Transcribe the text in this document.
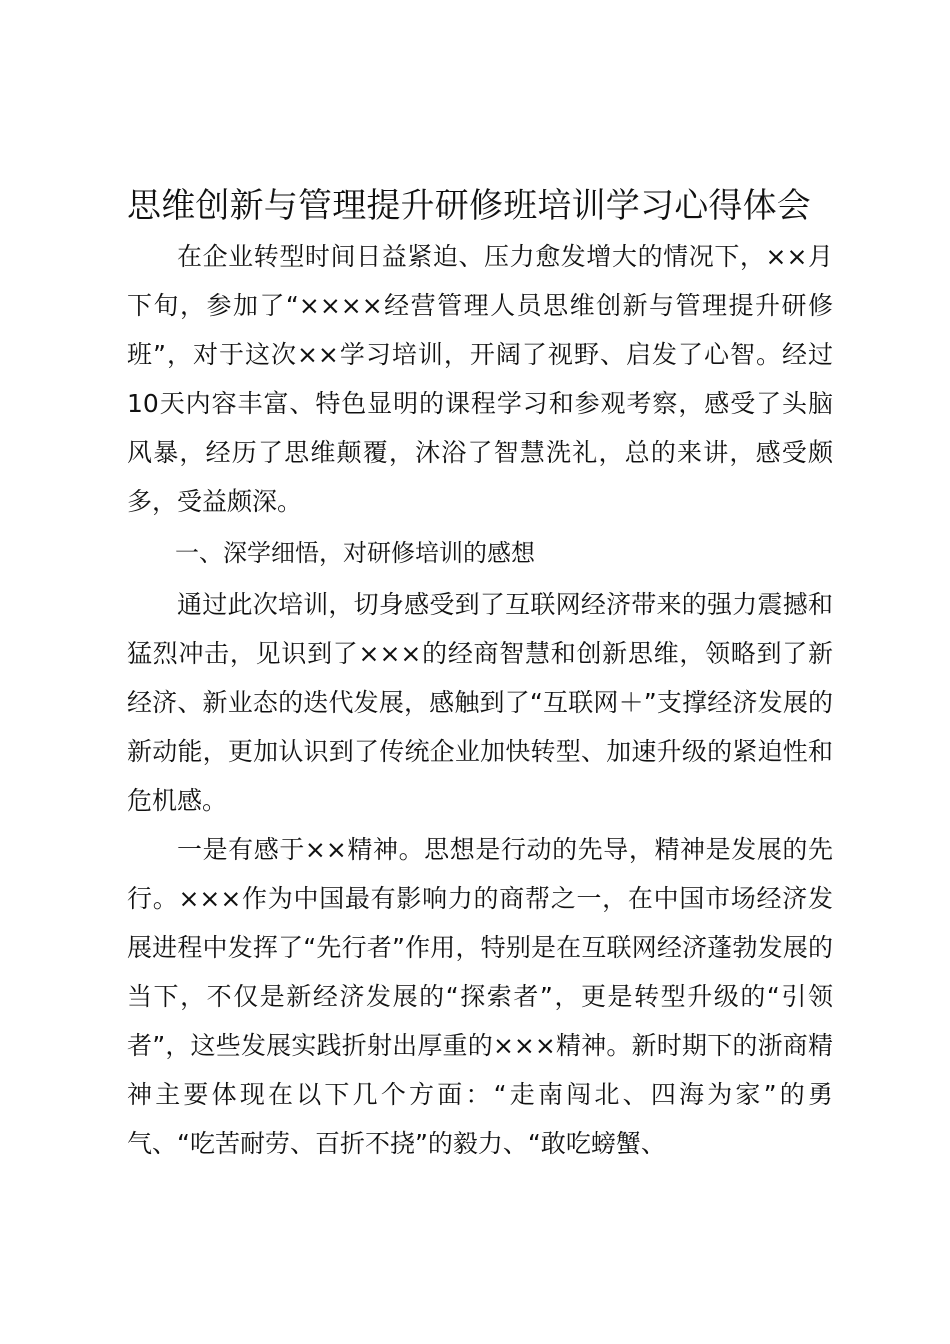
思维创新与管理提升研修班培训学习心得体会

在企业转型时间日益紧迫、压力愈发增大的情况下，××月下旬，参加了“××××经营管理人员思维创新与管理提升研修班”，对于这次××学习培训，开阔了视野、启发了心智。经过10天内容丰富、特色显明的课程学习和参观考察，感受了头脑风暴，经历了思维颠覆，沐浴了智慧洗礼，总的来讲，感受颇多，受益颇深。

一、深学细悟，对研修培训的感想

通过此次培训，切身感受到了互联网经济带来的强力震撼和猛烈冲击，见识到了×××的经商智慧和创新思维，领略到了新经济、新业态的迭代发展，感触到了“互联网＋”支撑经济发展的新动能，更加认识到了传统企业加快转型、加速升级的紧迫性和危机感。

一是有感于××精神。思想是行动的先导，精神是发展的先行。×××作为中国最有影响力的商帮之一，在中国市场经济发展进程中发挥了“先行者”作用，特别是在互联网经济蓬勃发展的当下，不仅是新经济发展的“探索者”，更是转型升级的“引领者”，这些发展实践折射出厚重的×××精神。新时期下的浙商精神主要体现在以下几个方面：“走南闯北、四海为家”的勇气、“吃苦耐劳、百折不挠”的毅力、“敢吃螃蟹、
